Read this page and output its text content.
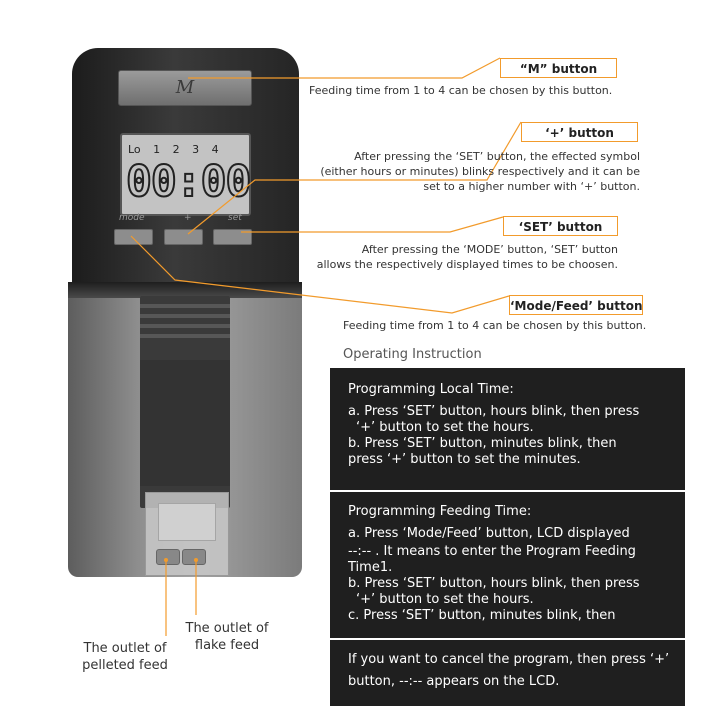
M
Lo 1 2 3 4
00:00
mode	+	set
“M” button
Feeding time from 1 to 4 can be chosen by this button.
‘+’ button
After pressing the ‘SET’ button, the effected symbol
(either hours or minutes) blinks respectively and it can be
set to a higher number with ‘+’ button.
‘SET’ button
After pressing the ‘MODE’ button, ‘SET’ button
allows the respectively displayed times to be choosen.
‘Mode/Feed’ button
Feeding time from 1 to 4 can be chosen by this button.
The outlet of
pelleted feed
The outlet of
flake feed
Operating Instruction
Programming Local Time:
a. Press ‘SET’ button, hours blink, then press
‘+’ button to set the hours.
b. Press ‘SET’ button, minutes blink, then
press ‘+’ button to set the minutes.
Programming Feeding Time:
a. Press ‘Mode/Feed’ button, LCD displayed
--:-- . It means to enter the Program Feeding
Time1.
b. Press ‘SET’ button, hours blink, then press
‘+’ button to set the hours.
c. Press ‘SET’ button, minutes blink, then
If you want to cancel the program, then press ‘+’
button, --:-- appears on the LCD.
